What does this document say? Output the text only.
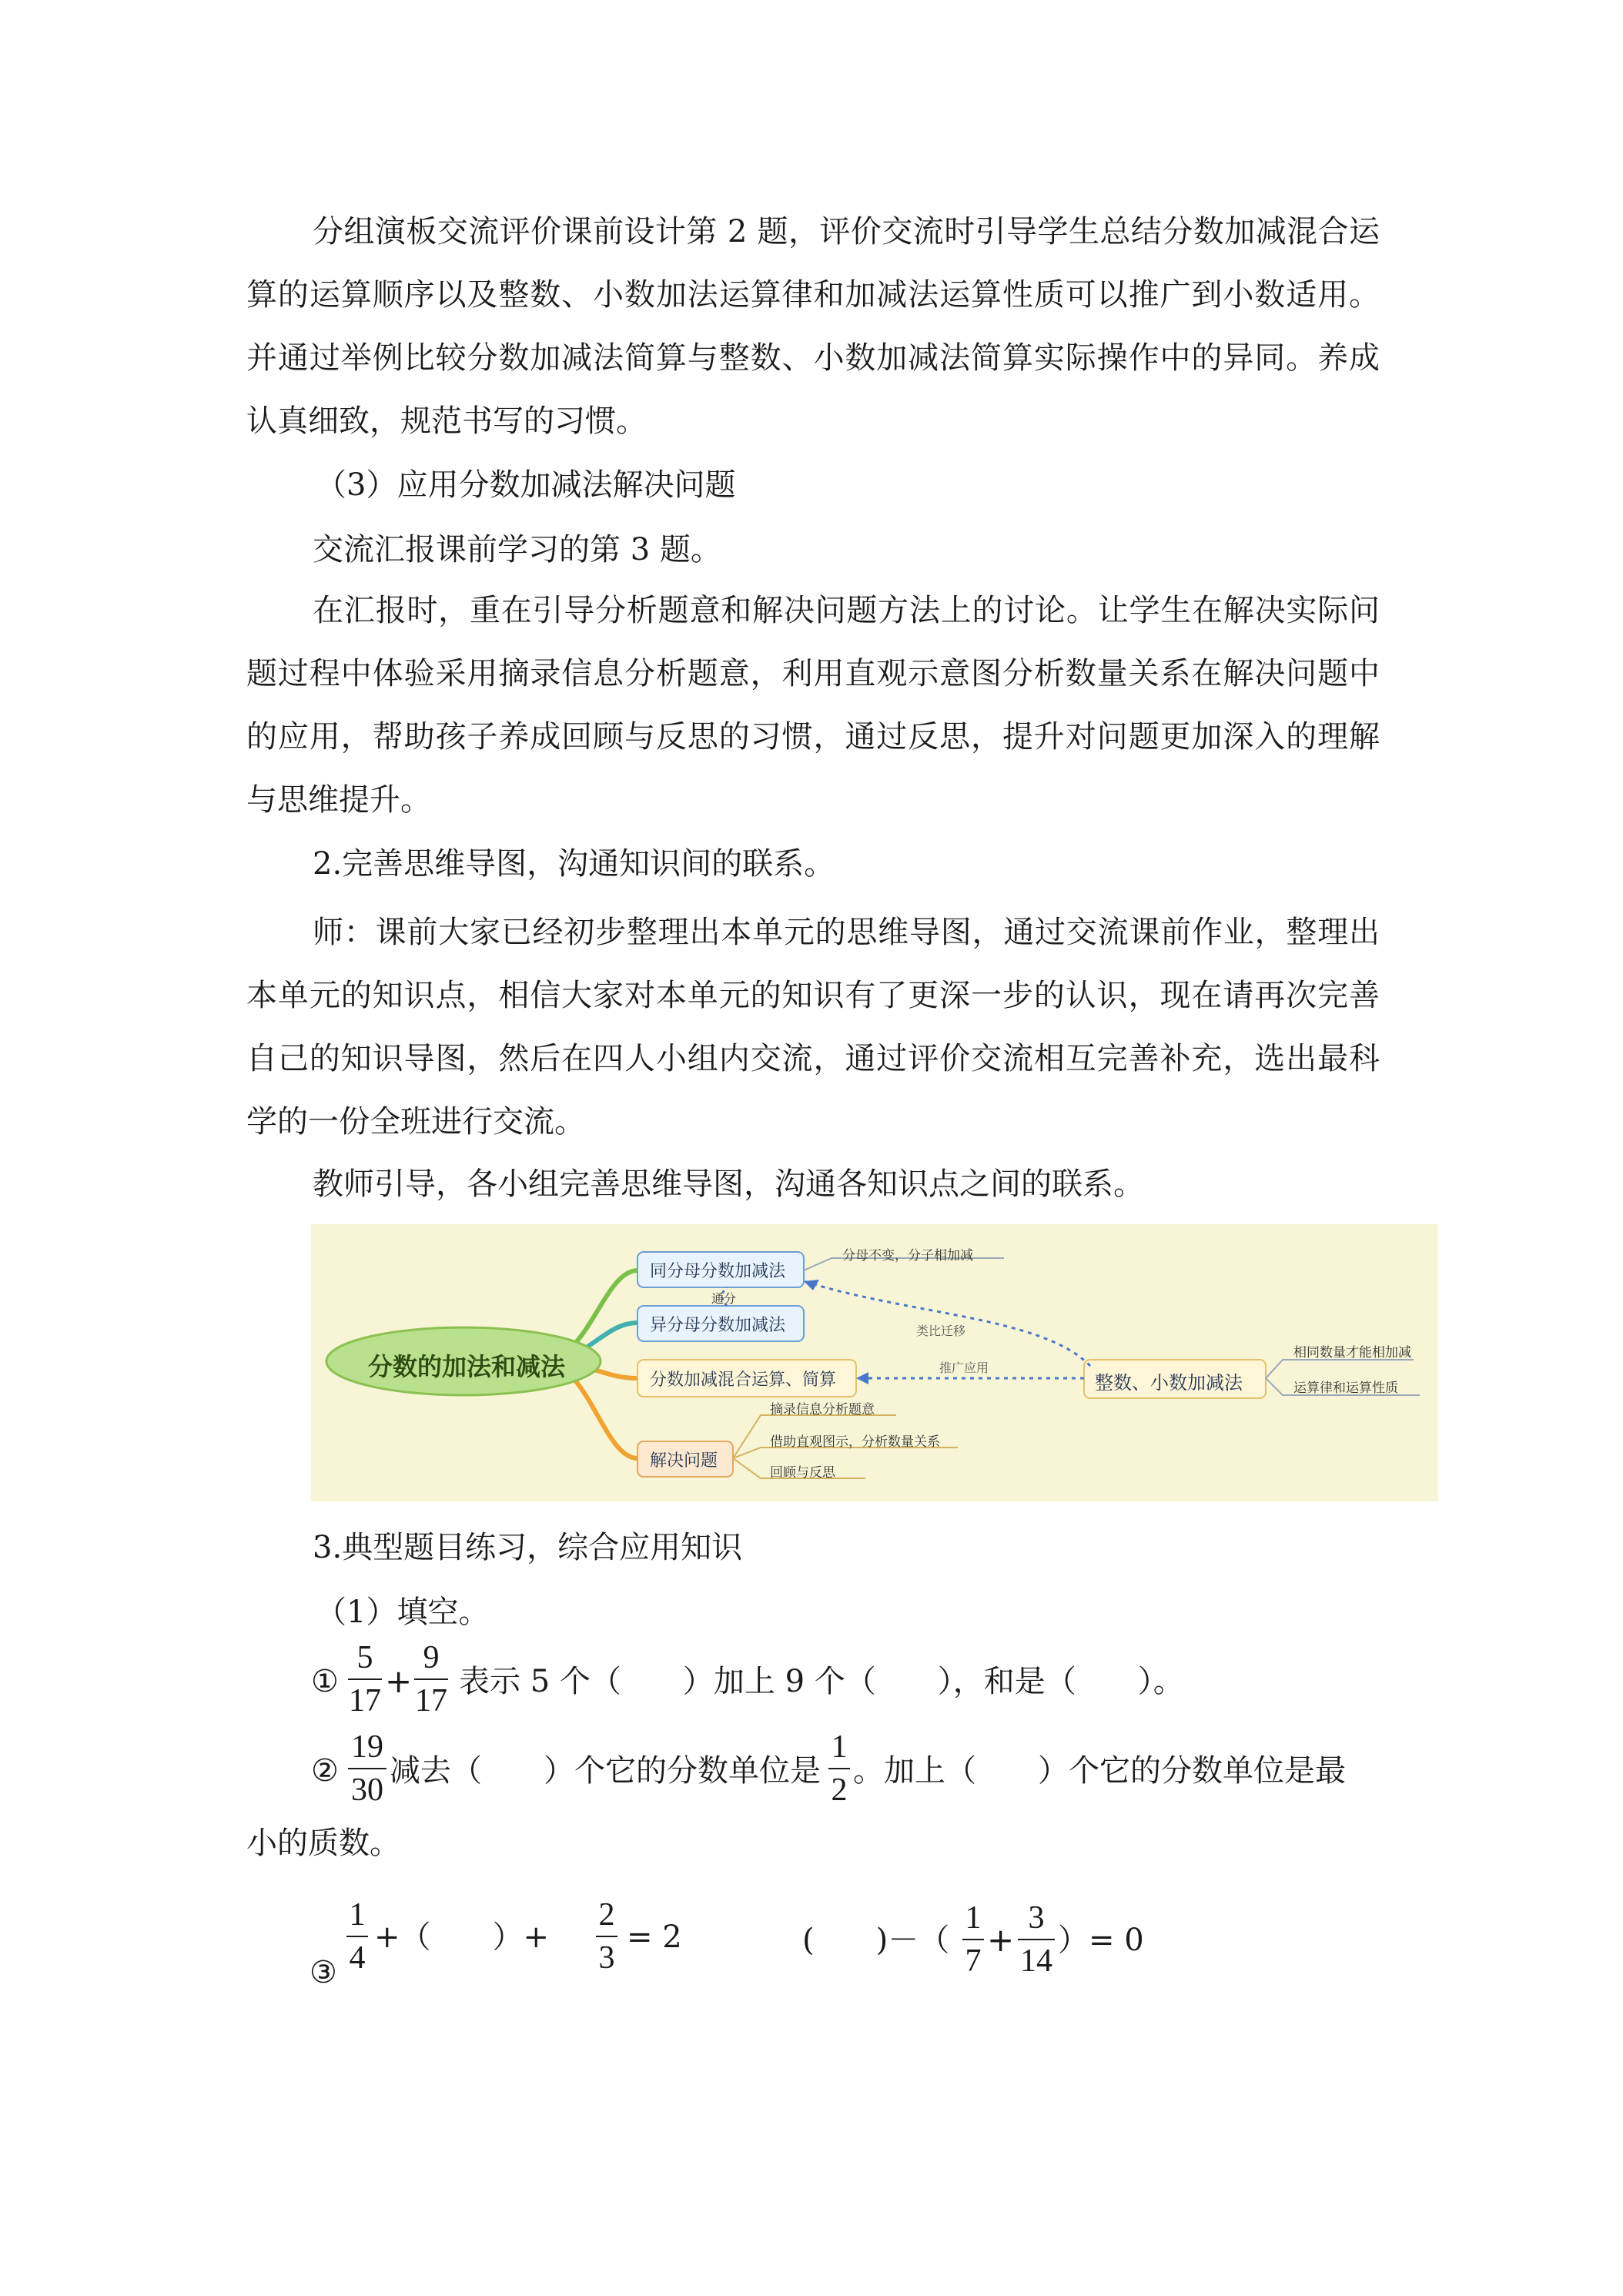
分组演板交流评价课前设计第 2 题，评价交流时引导学生总结分数加减混合运算的运算顺序以及整数、小数加法运算律和加减法运算性质可以推广到小数适用。并通过举例比较分数加减法简算与整数、小数加减法简算实际操作中的异同。养成认真细致，规范书写的习惯。
（3）应用分数加减法解决问题
交流汇报课前学习的第 3 题。
在汇报时，重在引导分析题意和解决问题方法上的讨论。让学生在解决实际问题过程中体验采用摘录信息分析题意，利用直观示意图分析数量关系在解决问题中的应用，帮助孩子养成回顾与反思的习惯，通过反思，提升对问题更加深入的理解与思维提升。
2.完善思维导图，沟通知识间的联系。
师：课前大家已经初步整理出本单元的思维导图，通过交流课前作业，整理出本单元的知识点，相信大家对本单元的知识有了更深一步的认识，现在请再次完善自己的知识导图，然后在四人小组内交流，通过评价交流相互完善补充，选出最科学的一份全班进行交流。
教师引导，各小组完善思维导图，沟通各知识点之间的联系。
分数的加法和减法
同分母分数加减法
分母不变，分子相加减
通分
异分母分数加减法
分数加减混合运算、简算
解决问题
摘录信息分析题意
借助直观图示，分析数量关系
回顾与反思
类比迁移
推广应用
整数、小数加减法
相同数量才能相加减
运算律和运算性质
3.典型题目练习，综合应用知识
（1）填空。
①
5
17
+
9
17
表示 5 个（　　）加上 9 个（　　），和是（　　）。
②
19
30
减去（　　）个它的分数单位是
1
2
。加上（　　）个它的分数单位是最
小的质数。
③
1
4
+（　　）+
2
3
= 2	(　　)－（
1
7
+
3
14
）= 0
